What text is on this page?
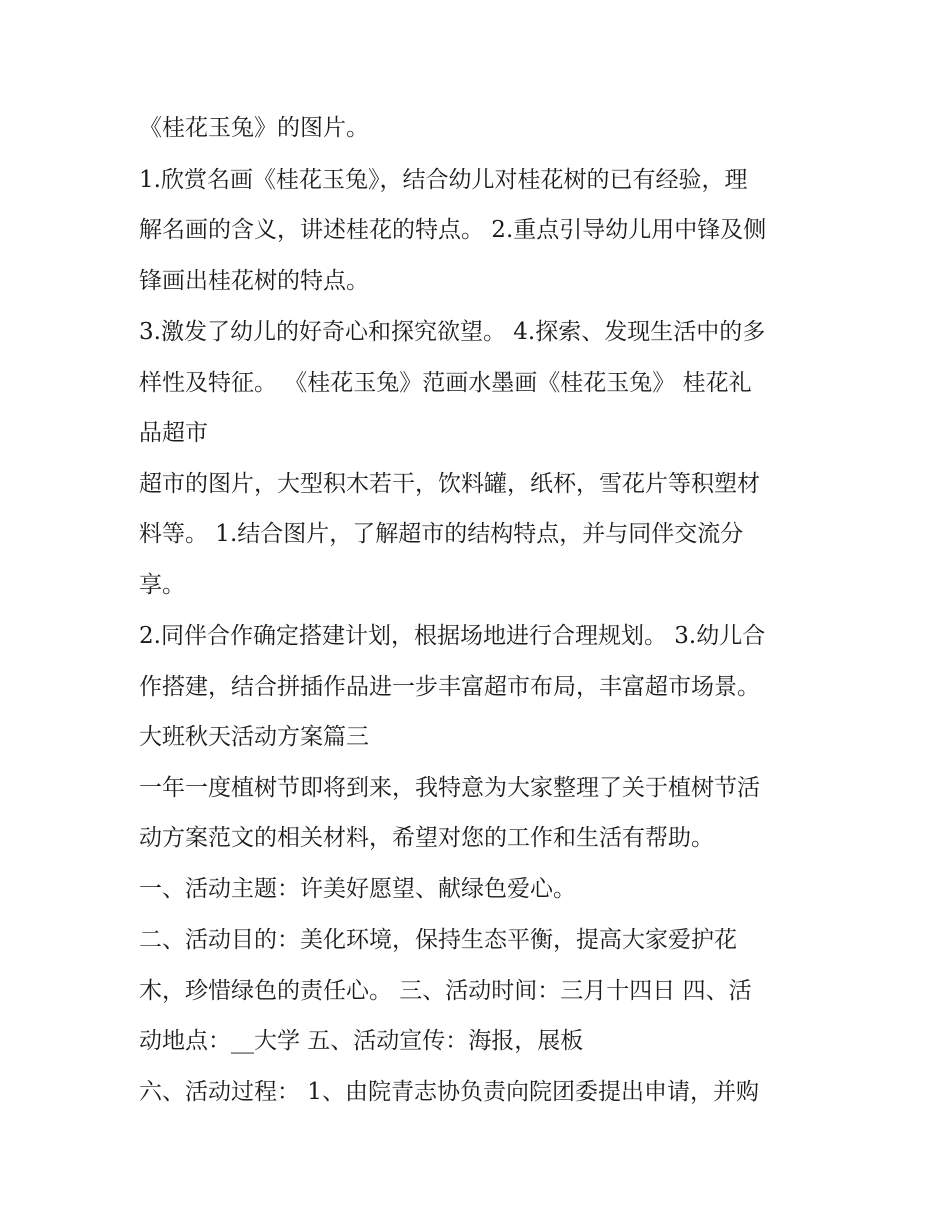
《桂花玉兔》的图片。
1.欣赏名画《桂花玉兔》，结合幼儿对桂花树的已有经验，理
解名画的含义，讲述桂花的特点。 2.重点引导幼儿用中锋及侧
锋画出桂花树的特点。
3.激发了幼儿的好奇心和探究欲望。 4.探索、发现生活中的多
样性及特征。 《桂花玉兔》范画水墨画《桂花玉兔》 桂花礼
品超市
超市的图片，大型积木若干，饮料罐，纸杯，雪花片等积塑材
料等。 1.结合图片，了解超市的结构特点，并与同伴交流分
享。
2.同伴合作确定搭建计划，根据场地进行合理规划。 3.幼儿合
作搭建，结合拼插作品进一步丰富超市布局，丰富超市场景。
大班秋天活动方案篇三
一年一度植树节即将到来，我特意为大家整理了关于植树节活
动方案范文的相关材料，希望对您的工作和生活有帮助。
一、活动主题：许美好愿望、献绿色爱心。
二、活动目的：美化环境，保持生态平衡，提高大家爱护花
木，珍惜绿色的责任心。 三、活动时间：三月十四日 四、活
动地点：__大学 五、活动宣传：海报，展板
六、活动过程： 1、由院青志协负责向院团委提出申请，并购
